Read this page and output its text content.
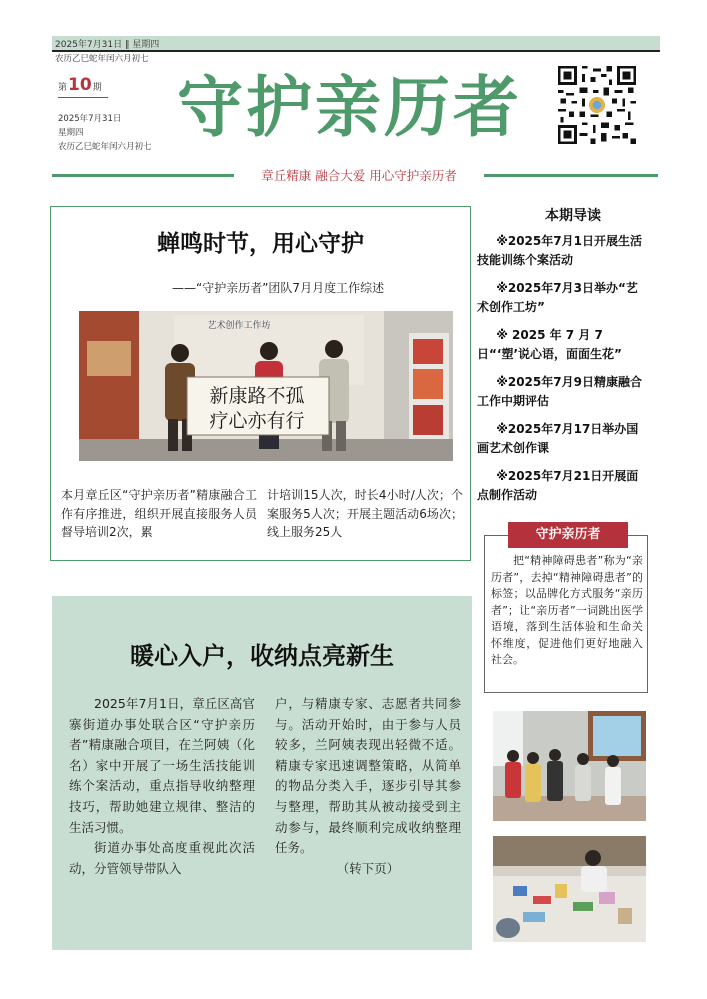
2025年7月31日 ‖ 星期四
农历乙巳蛇年闰六月初七
第10期
2025年7月31日
星期四
农历乙巳蛇年闰六月初七
守护亲历者
章丘精康 融合大爱 用心守护亲历者
蝉鸣时节，用心守护
——“守护亲历者”团队7月月度工作综述
新康路不孤
疗心亦有行
艺术创作工作坊
本月章丘区“守护亲历者”精康融合工作有序推进，组织开展直接服务人员督导培训2次，累
计培训15人次，时长4小时/人次；个案服务5人次；开展主题活动6场次；线上服务25人
暖心入户，收纳点亮新生

2025年7月1日，章丘区高官寨街道办事处联合区“守护亲历者”精康融合项目，在兰阿姨（化名）家中开展了一场生活技能训练个案活动，重点指导收纳整理技巧，帮助她建立规律、整洁的生活习惯。

街道办事处高度重视此次活动，分管领导带队入

户，与精康专家、志愿者共同参与。活动开始时，由于参与人员较多，兰阿姨表现出轻微不适。精康专家迅速调整策略，从简单的物品分类入手，逐步引导其参与整理，帮助其从被动接受到主动参与，最终顺利完成收纳整理任务。
（转下页）
本期导读
※2025年7月1日开展生活技能训练个案活动
※2025年7月3日举办“艺术创作工坊”
※ 2025 年 7 月 7 日“‘塑’说心语，面面生花”
※2025年7月9日精康融合工作中期评估
※2025年7月17日举办国画艺术创作课
※2025年7月21日开展面点制作活动
守护亲历者
把“精神障碍患者”称为“亲历者”，去掉“精神障碍患者”的标签；以品牌化方式服务“亲历者”；让“亲历者”一词跳出医学语境，落到生活体验和生命关怀维度，促进他们更好地融入社会。
